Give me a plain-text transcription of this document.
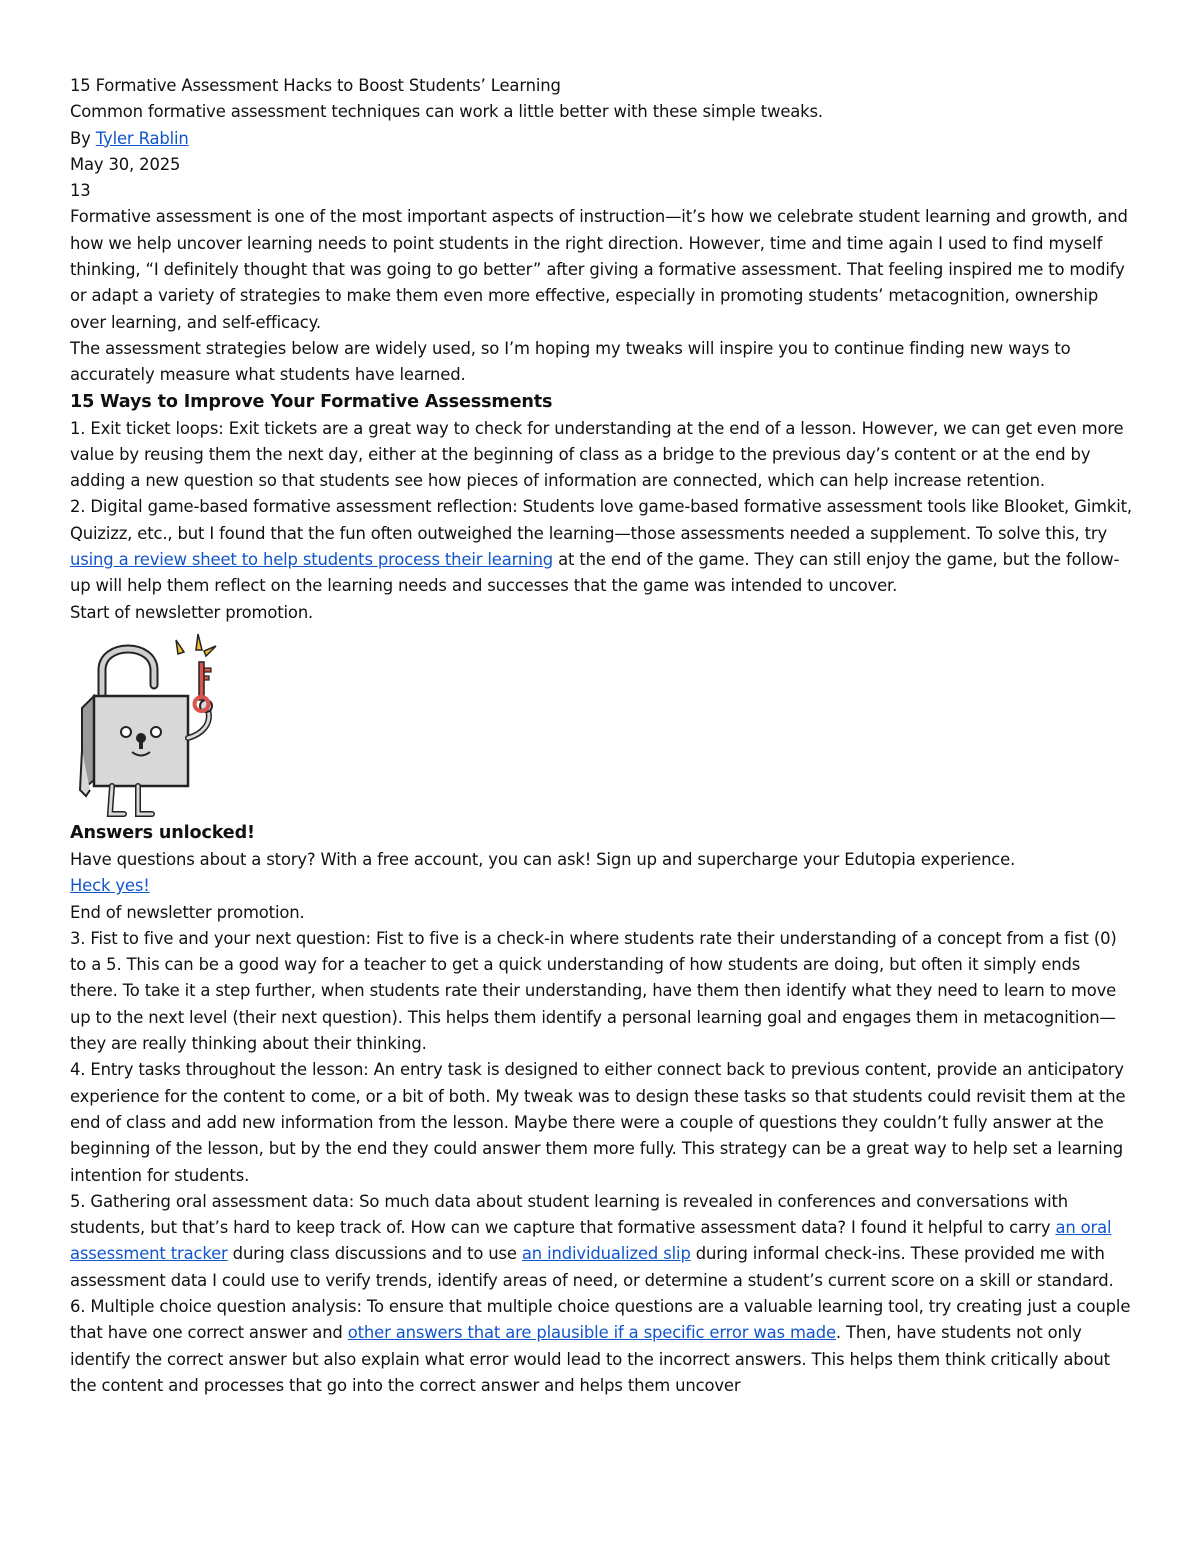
15 Formative Assessment Hacks to Boost Students’ Learning

Common formative assessment techniques can work a little better with these simple tweaks.

By Tyler Rablin

May 30, 2025

13

Formative assessment is one of the most important aspects of instruction—it’s how we celebrate student learning and growth, and how we help uncover learning needs to point students in the right direction. However, time and time again I used to find myself thinking, “I definitely thought that was going to go better” after giving a formative assessment. That feeling inspired me to modify or adapt a variety of strategies to make them even more effective, especially in promoting students’ metacognition, ownership over learning, and self-efficacy.

The assessment strategies below are widely used, so I’m hoping my tweaks will inspire you to continue finding new ways to accurately measure what students have learned.

15 Ways to Improve Your Formative Assessments

1. Exit ticket loops: Exit tickets are a great way to check for understanding at the end of a lesson. However, we can get even more value by reusing them the next day, either at the beginning of class as a bridge to the previous day’s content or at the end by adding a new question so that students see how pieces of information are connected, which can help increase retention.

2. Digital game-based formative assessment reflection: Students love game-based formative assessment tools like Blooket, Gimkit, Quizizz, etc., but I found that the fun often outweighed the learning—those assessments needed a supplement. To solve this, try using a review sheet to help students process their learning at the end of the game. They can still enjoy the game, but the follow-up will help them reflect on the learning needs and successes that the game was intended to uncover.

Start of newsletter promotion.

Answers unlocked!

Have questions about a story? With a free account, you can ask! Sign up and supercharge your Edutopia experience.

Heck yes!

End of newsletter promotion.

3. Fist to five and your next question: Fist to five is a check-in where students rate their understanding of a concept from a fist (0) to a 5. This can be a good way for a teacher to get a quick understanding of how students are doing, but often it simply ends there. To take it a step further, when students rate their understanding, have them then identify what they need to learn to move up to the next level (their next question). This helps them identify a personal learning goal and engages them in metacognition—they are really thinking about their thinking.

4. Entry tasks throughout the lesson: An entry task is designed to either connect back to previous content, provide an anticipatory experience for the content to come, or a bit of both. My tweak was to design these tasks so that students could revisit them at the end of class and add new information from the lesson. Maybe there were a couple of questions they couldn’t fully answer at the beginning of the lesson, but by the end they could answer them more fully. This strategy can be a great way to help set a learning intention for students.

5. Gathering oral assessment data: So much data about student learning is revealed in conferences and conversations with students, but that’s hard to keep track of. How can we capture that formative assessment data? I found it helpful to carry an oral assessment tracker during class discussions and to use an individualized slip during informal check-ins. These provided me with assessment data I could use to verify trends, identify areas of need, or determine a student’s current score on a skill or standard.

6. Multiple choice question analysis: To ensure that multiple choice questions are a valuable learning tool, try creating just a couple that have one correct answer and other answers that are plausible if a specific error was made. Then, have students not only identify the correct answer but also explain what error would lead to the incorrect answers. This helps them think critically about the content and processes that go into the correct answer and helps them uncover
